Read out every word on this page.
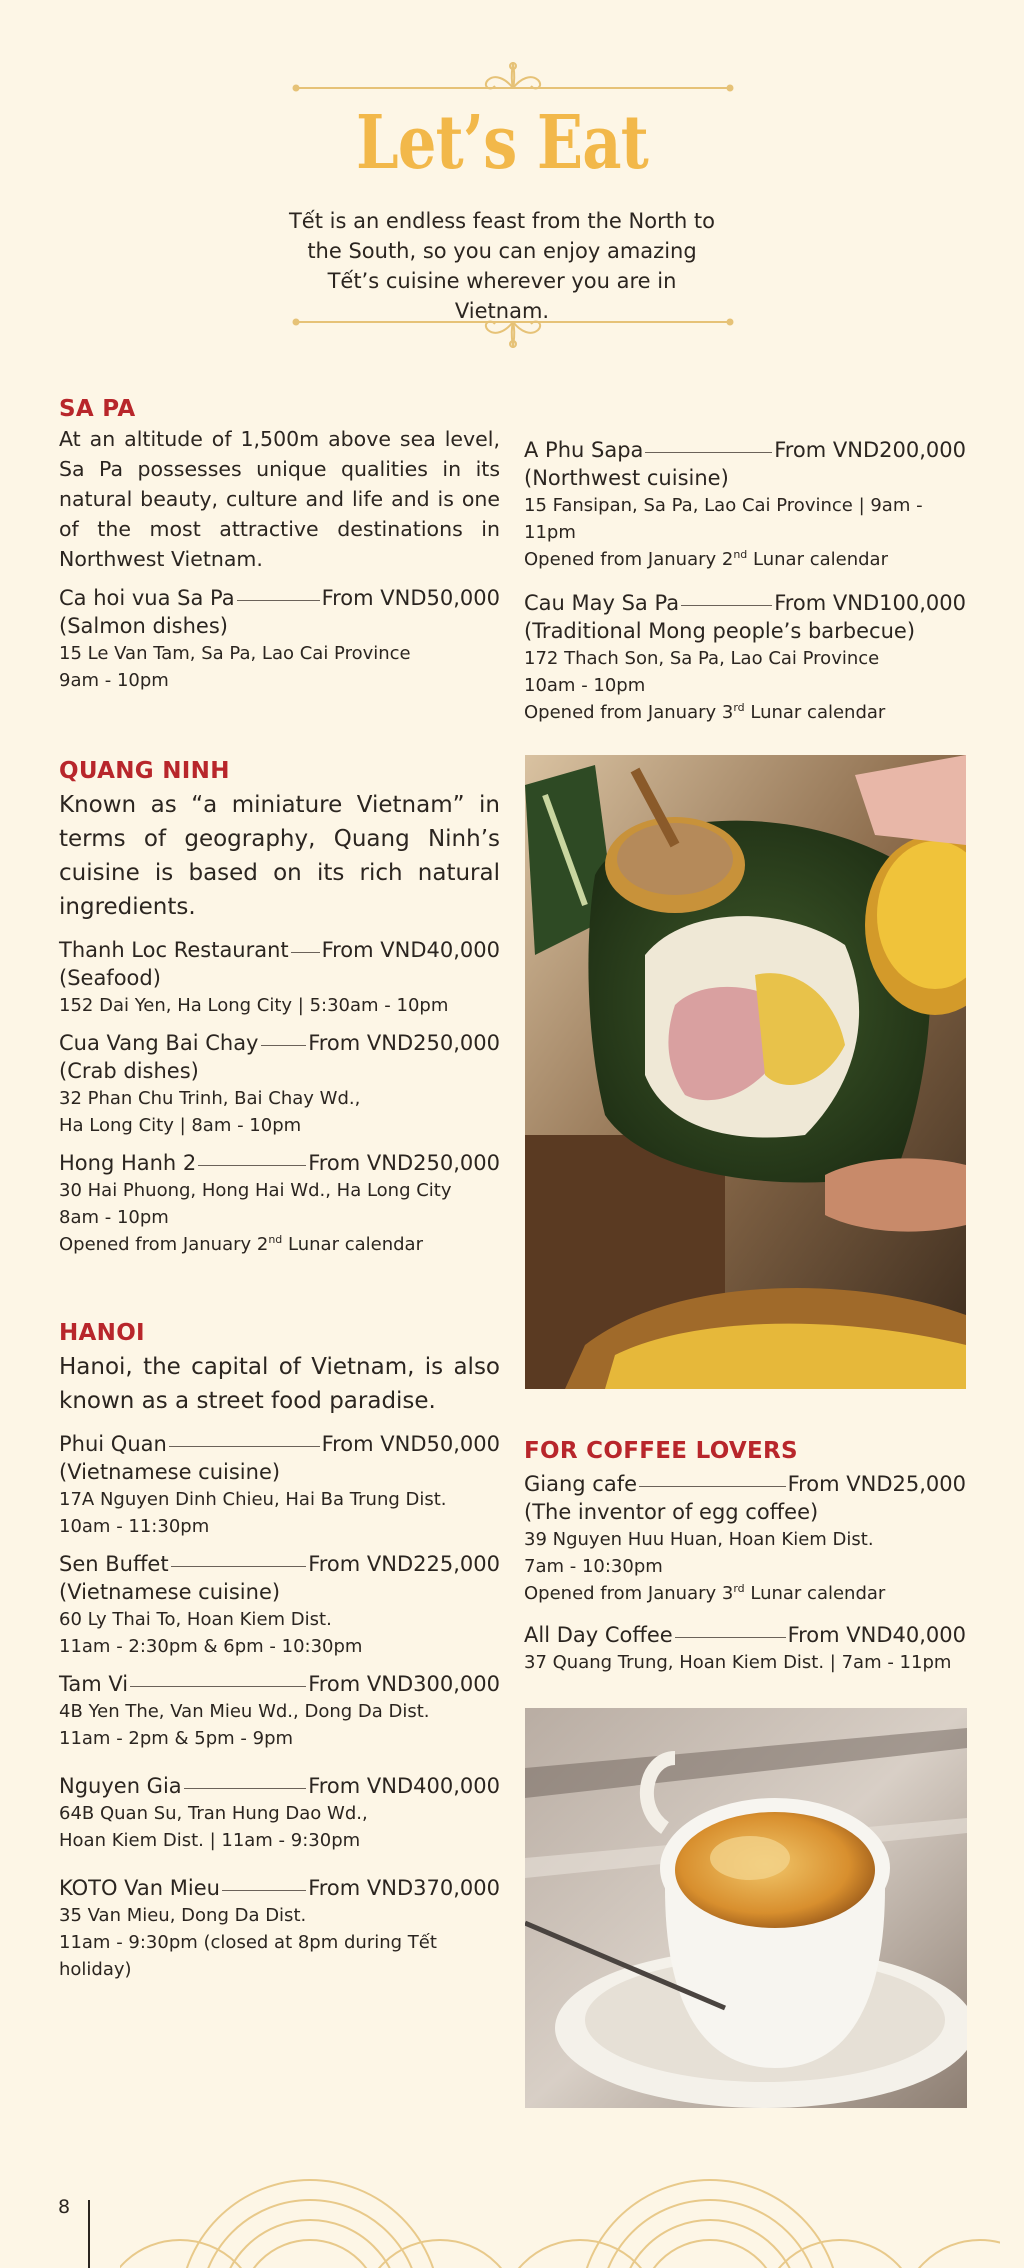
Let’s Eat
Tết is an endless feast from the North to the South, so you can enjoy amazing Tết’s cuisine wherever you are in Vietnam.
SA PA
At an altitude of 1,500m above sea level, Sa Pa possesses unique qualities in its natural beauty, culture and life and is one of the most attractive destinations in Northwest Vietnam.
Ca hoi vua Sa Pa	From VND50,000
(Salmon dishes)
15 Le Van Tam, Sa Pa, Lao Cai Province
9am - 10pm
A Phu Sapa	From VND200,000
(Northwest cuisine)
15 Fansipan, Sa Pa, Lao Cai Province | 9am - 11pm
Opened from January 2nd Lunar calendar
Cau May Sa Pa	From VND100,000
(Traditional Mong people’s barbecue)
172 Thach Son, Sa Pa, Lao Cai Province
10am - 10pm
Opened from January 3rd Lunar calendar
QUANG NINH
Known as “a miniature Vietnam” in terms of geography, Quang Ninh’s cuisine is based on its rich natural ingredients.
Thanh Loc Restaurant From VND40,000
(Seafood)
152 Dai Yen, Ha Long City | 5:30am - 10pm
Cua Vang Bai Chay From VND250,000
(Crab dishes)
32 Phan Chu Trinh, Bai Chay Wd.,
Ha Long City | 8am - 10pm
Hong Hanh 2	From VND250,000
30 Hai Phuong, Hong Hai Wd., Ha Long City
8am - 10pm
Opened from January 2nd Lunar calendar
HANOI
Hanoi, the capital of Vietnam, is also known as a street food paradise.
Phui Quan	From VND50,000
(Vietnamese cuisine)
17A Nguyen Dinh Chieu, Hai Ba Trung Dist.
10am - 11:30pm
Sen Buffet	From VND225,000
(Vietnamese cuisine)
60 Ly Thai To, Hoan Kiem Dist.
11am - 2:30pm & 6pm - 10:30pm
Tam Vi	From VND300,000
4B Yen The, Van Mieu Wd., Dong Da Dist.
11am - 2pm & 5pm - 9pm
Nguyen Gia	From VND400,000
64B Quan Su, Tran Hung Dao Wd.,
Hoan Kiem Dist. | 11am - 9:30pm
KOTO Van Mieu	From VND370,000
35 Van Mieu, Dong Da Dist.
11am - 9:30pm (closed at 8pm during Tết holiday)
FOR COFFEE LOVERS
Giang cafe	From VND25,000
(The inventor of egg coffee)
39 Nguyen Huu Huan, Hoan Kiem Dist.
7am - 10:30pm
Opened from January 3rd Lunar calendar
All Day Coffee	From VND40,000
37 Quang Trung, Hoan Kiem Dist. | 7am - 11pm
8
